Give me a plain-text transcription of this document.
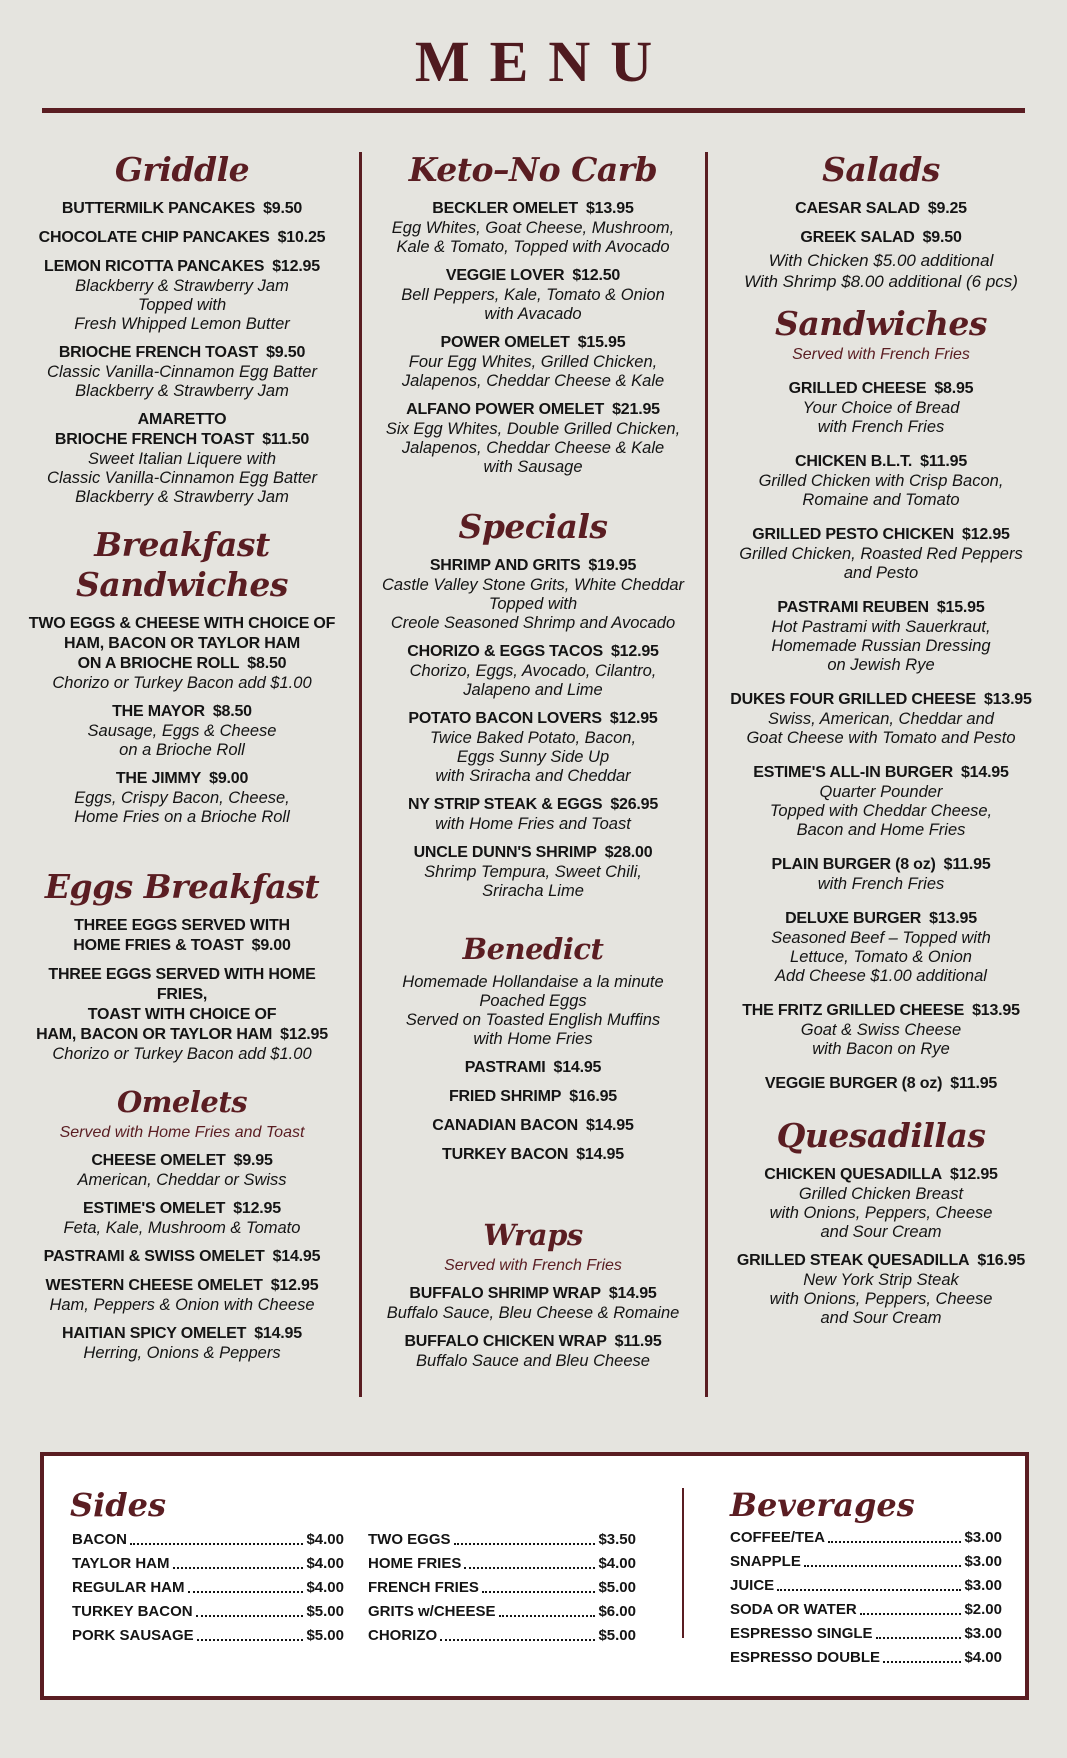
MENU
Griddle
BUTTERMILK PANCAKES $9.50
CHOCOLATE CHIP PANCAKES $10.25
LEMON RICOTTA PANCAKES $12.95
Blackberry & Strawberry Jam
Topped with
Fresh Whipped Lemon Butter
BRIOCHE FRENCH TOAST $9.50
Classic Vanilla-Cinnamon Egg Batter
Blackberry & Strawberry Jam
AMARETTO
BRIOCHE FRENCH TOAST $11.50
Sweet Italian Liquere with
Classic Vanilla-Cinnamon Egg Batter
Blackberry & Strawberry Jam
Breakfast Sandwiches
TWO EGGS & CHEESE WITH CHOICE OF
HAM, BACON OR TAYLOR HAM
ON A BRIOCHE ROLL $8.50
Chorizo or Turkey Bacon add $1.00
THE MAYOR $8.50
Sausage, Eggs & Cheese
on a Brioche Roll
THE JIMMY $9.00
Eggs, Crispy Bacon, Cheese,
Home Fries on a Brioche Roll
Eggs Breakfast
THREE EGGS SERVED WITH
HOME FRIES & TOAST $9.00
THREE EGGS SERVED WITH HOME FRIES,
TOAST WITH CHOICE OF
HAM, BACON OR TAYLOR HAM $12.95
Chorizo or Turkey Bacon add $1.00
Omelets
Served with Home Fries and Toast
CHEESE OMELET $9.95
American, Cheddar or Swiss
ESTIME'S OMELET $12.95
Feta, Kale, Mushroom & Tomato
PASTRAMI & SWISS OMELET $14.95
WESTERN CHEESE OMELET $12.95
Ham, Peppers & Onion with Cheese
HAITIAN SPICY OMELET $14.95
Herring, Onions & Peppers
Keto–No Carb
BECKLER OMELET $13.95
Egg Whites, Goat Cheese, Mushroom,
Kale & Tomato, Topped with Avocado
VEGGIE LOVER $12.50
Bell Peppers, Kale, Tomato & Onion
with Avacado
POWER OMELET $15.95
Four Egg Whites, Grilled Chicken,
Jalapenos, Cheddar Cheese & Kale
ALFANO POWER OMELET $21.95
Six Egg Whites, Double Grilled Chicken,
Jalapenos, Cheddar Cheese & Kale
with Sausage
Specials
SHRIMP AND GRITS $19.95
Castle Valley Stone Grits, White Cheddar
Topped with
Creole Seasoned Shrimp and Avocado
CHORIZO & EGGS TACOS $12.95
Chorizo, Eggs, Avocado, Cilantro,
Jalapeno and Lime
POTATO BACON LOVERS $12.95
Twice Baked Potato, Bacon,
Eggs Sunny Side Up
with Sriracha and Cheddar
NY STRIP STEAK & EGGS $26.95
with Home Fries and Toast
UNCLE DUNN'S SHRIMP $28.00
Shrimp Tempura, Sweet Chili,
Sriracha Lime
Benedict
Homemade Hollandaise a la minute
Poached Eggs
Served on Toasted English Muffins
with Home Fries
PASTRAMI $14.95
FRIED SHRIMP $16.95
CANADIAN BACON $14.95
TURKEY BACON $14.95
Wraps
Served with French Fries
BUFFALO SHRIMP WRAP $14.95
Buffalo Sauce, Bleu Cheese & Romaine
BUFFALO CHICKEN WRAP $11.95
Buffalo Sauce and Bleu Cheese
Salads
CAESAR SALAD $9.25
GREEK SALAD $9.50
With Chicken $5.00 additional
With Shrimp $8.00 additional (6 pcs)
Sandwiches
Served with French Fries
GRILLED CHEESE $8.95
Your Choice of Bread
with French Fries
CHICKEN B.L.T. $11.95
Grilled Chicken with Crisp Bacon,
Romaine and Tomato
GRILLED PESTO CHICKEN $12.95
Grilled Chicken, Roasted Red Peppers
and Pesto
PASTRAMI REUBEN $15.95
Hot Pastrami with Sauerkraut,
Homemade Russian Dressing
on Jewish Rye
DUKES FOUR GRILLED CHEESE $13.95
Swiss, American, Cheddar and
Goat Cheese with Tomato and Pesto
ESTIME'S ALL-IN BURGER $14.95
Quarter Pounder
Topped with Cheddar Cheese,
Bacon and Home Fries
PLAIN BURGER (8 oz) $11.95
with French Fries
DELUXE BURGER $13.95
Seasoned Beef – Topped with
Lettuce, Tomato & Onion
Add Cheese $1.00 additional
THE FRITZ GRILLED CHEESE $13.95
Goat & Swiss Cheese
with Bacon on Rye
VEGGIE BURGER (8 oz) $11.95
Quesadillas
CHICKEN QUESADILLA $12.95
Grilled Chicken Breast
with Onions, Peppers, Cheese
and Sour Cream
GRILLED STEAK QUESADILLA $16.95
New York Strip Steak
with Onions, Peppers, Cheese
and Sour Cream
Sides
BACON	$4.00
TAYLOR HAM	$4.00
REGULAR HAM	$4.00
TURKEY BACON	$5.00
PORK SAUSAGE	$5.00
TWO EGGS	$3.50
HOME FRIES	$4.00
FRENCH FRIES	$5.00
GRITS w/CHEESE	$6.00
CHORIZO	$5.00
Beverages
COFFEE/TEA	$3.00
SNAPPLE	$3.00
JUICE	$3.00
SODA OR WATER	$2.00
ESPRESSO SINGLE	$3.00
ESPRESSO DOUBLE	$4.00
